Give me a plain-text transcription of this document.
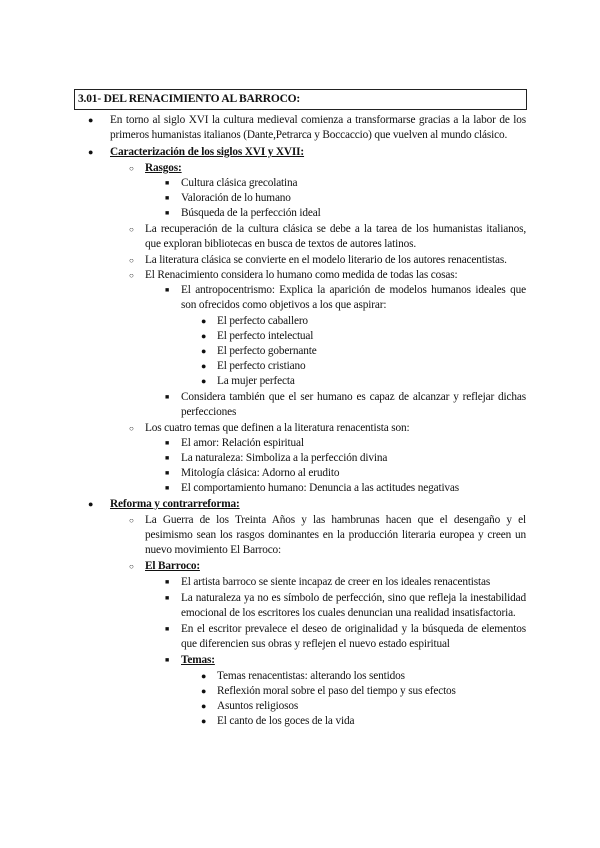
3.01- DEL RENACIMIENTO AL BARROCO:
● En torno al siglo XVI la cultura medieval comienza a transformarse gracias a la labor de los
primeros humanistas italianos (Dante,Petrarca y Boccaccio) que vuelven al mundo clásico.
● Caracterización de los siglos XVI y XVII:
○ Rasgos:
■ Cultura clásica grecolatina
■ Valoración de lo humano
■ Búsqueda de la perfección ideal
○ La recuperación de la cultura clásica se debe a la tarea de los humanistas italianos,
que exploran bibliotecas en busca de textos de autores latinos.
○ La literatura clásica se convierte en el modelo literario de los autores renacentistas.
○ El Renacimiento considera lo humano como medida de todas las cosas:
■ El antropocentrismo: Explica la aparición de modelos humanos ideales que
son ofrecidos como objetivos a los que aspirar:
● El perfecto caballero
● El perfecto intelectual
● El perfecto gobernante
● El perfecto cristiano
● La mujer perfecta
■ Considera también que el ser humano es capaz de alcanzar y reflejar dichas
perfecciones
○ Los cuatro temas que definen a la literatura renacentista son:
■ El amor: Relación espiritual
■ La naturaleza: Simboliza a la perfección divina
■ Mitología clásica: Adorno al erudito
■ El comportamiento humano: Denuncia a las actitudes negativas
● Reforma y contrarreforma:
○ La Guerra de los Treinta Años y las hambrunas hacen que el desengaño y el
pesimismo sean los rasgos dominantes en la producción literaria europea y creen un
nuevo movimiento El Barroco:
○ El Barroco:
■ El artista barroco se siente incapaz de creer en los ideales renacentistas
■ La naturaleza ya no es símbolo de perfección, sino que refleja la inestabilidad
emocional de los escritores los cuales denuncian una realidad insatisfactoria.
■ En el escritor prevalece el deseo de originalidad y la búsqueda de elementos
que diferencien sus obras y reflejen el nuevo estado espiritual
■ Temas:
● Temas renacentistas: alterando los sentidos
● Reflexión moral sobre el paso del tiempo y sus efectos
● Asuntos religiosos
● El canto de los goces de la vida
